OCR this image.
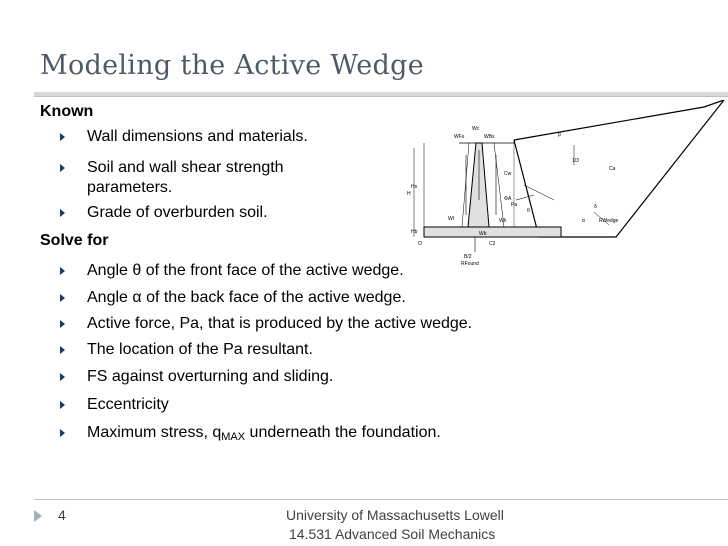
Modeling the Active Wedge
Known
Wall dimensions and materials.
Soil and wall shear strength
parameters.
Grade of overburden soil.
Solve for
Angle θ of the front face of the active wedge.
Angle α of the back face of the active wedge.
Active force, Pa, that is produced by the active wedge.
The location of the Pa resultant.
FS against overturning and sliding.
Eccentricity
Maximum stress, $q_{MAX}$ underneath the foundation.
Wc
WFs	WBs	β
1/3
Cw
Ca
Hs
H
ΦA
Pa
θ
δ
α	RWedge
Wt	Wh
Hb	Wb
O	C2
B/2
RFound
4	University of Massachusetts Lowell
14.531 Advanced Soil Mechanics
